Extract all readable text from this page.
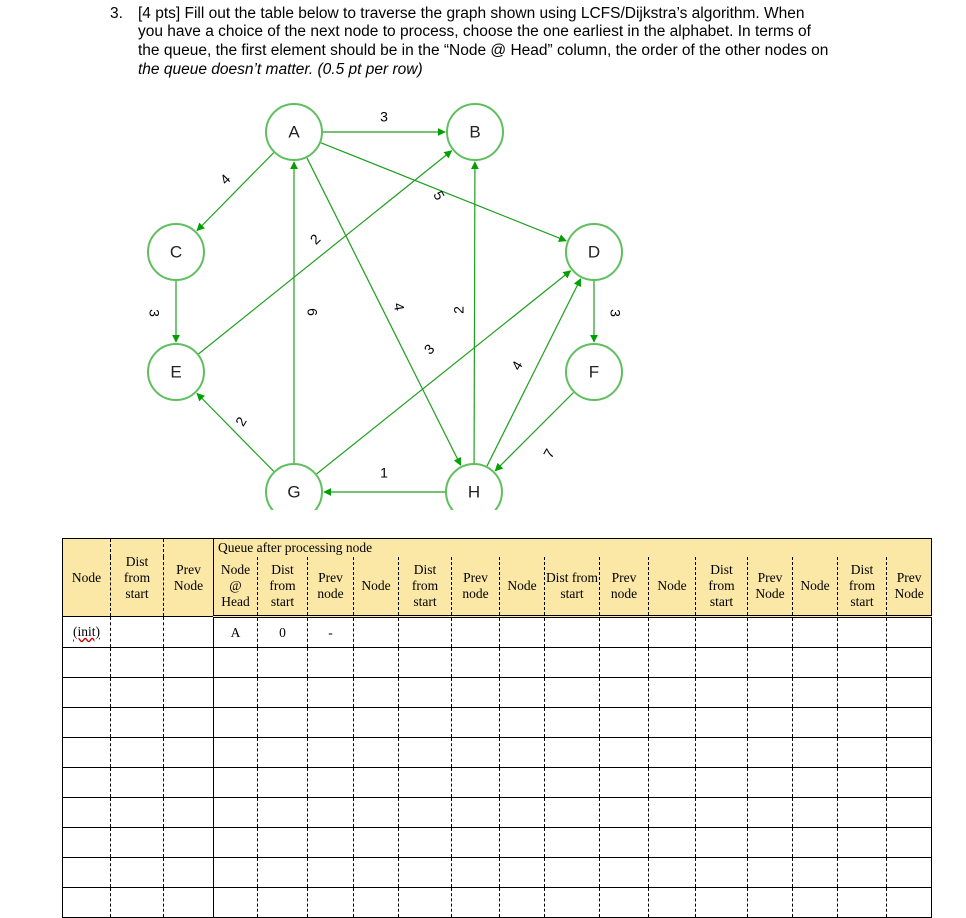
3. [4 pts] Fill out the table below to traverse the graph shown using LCFS/Dijkstra’s algorithm. When
you have a choice of the next node to process, choose the one earliest in the alphabet. In terms of
the queue, the first element should be in the “Node @ Head” column, the order of the other nodes on
the queue doesn’t matter. (0.5 pt per row)
A	B
C	D
E	F
G	H
3
4
5
4
3
2
6
2
3
2
4
1
3
7
Node	Dist from start	Prev Node	Queue after processing node														
			Node @ Head	Dist from start	Prev node	Node	Dist from start	Prev node	Node	Dist from start	Prev node	Node	Dist from start	Prev Node	Node	Dist from start	Prev Node
(init)			A	0	-												
